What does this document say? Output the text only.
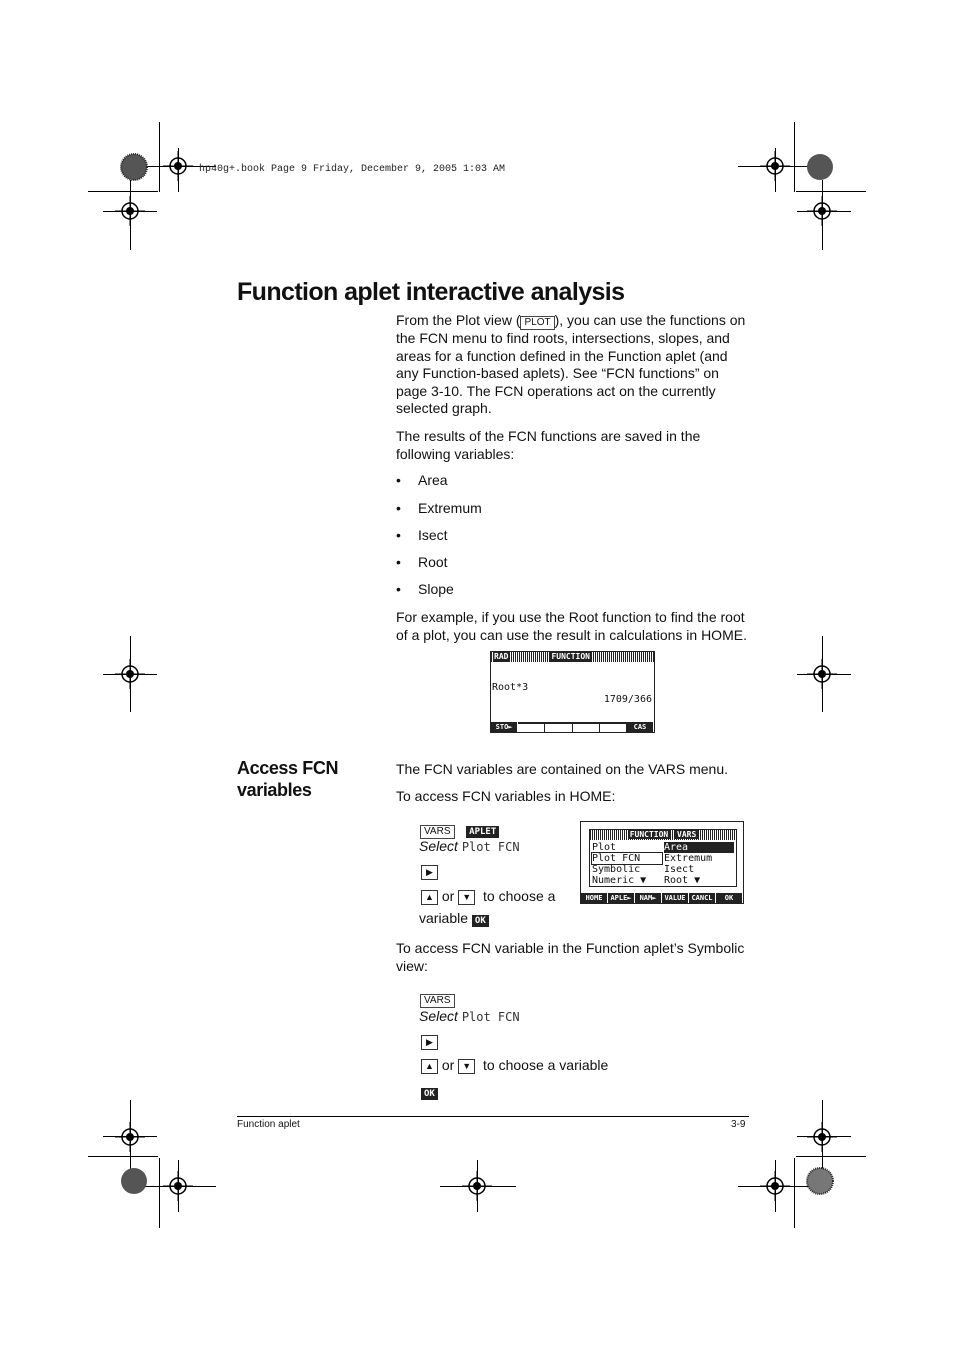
hp40g+.book Page 9 Friday, December 9, 2005 1:03 AM
Function aplet interactive analysis
From the Plot view ( PLOT ), you can use the functions on the FCN menu to find roots, intersections, slopes, and areas for a function defined in the Function aplet (and any Function-based aplets). See “FCN functions” on page 3-10. The FCN operations act on the currently selected graph.
The results of the FCN functions are saved in the following variables:
• Area
• Extremum
• Isect
• Root
• Slope
For example, if you use the Root function to find the root of a plot, you can use the result in calculations in HOME.
RAD	FUNCTION
Root*3
1709/366
STO►	CAS
Access FCN
variables
The FCN variables are contained on the VARS menu.
To access FCN variables in HOME:
VARS APLET
Select Plot FCN
▶
▲ or ▼ to choose a
variable OK
FUNCTION VARS
Plot
Plot FCN
Symbolic
Numeric ▼
Area
Extremum
Isect
Root ▼
HOME	APLE►	NAM►	VALUE CANCL	OK
To access FCN variable in the Function aplet’s Symbolic view:
VARS
Select Plot FCN
▶
▲ or ▼ to choose a variable
OK
Function aplet	3-9
